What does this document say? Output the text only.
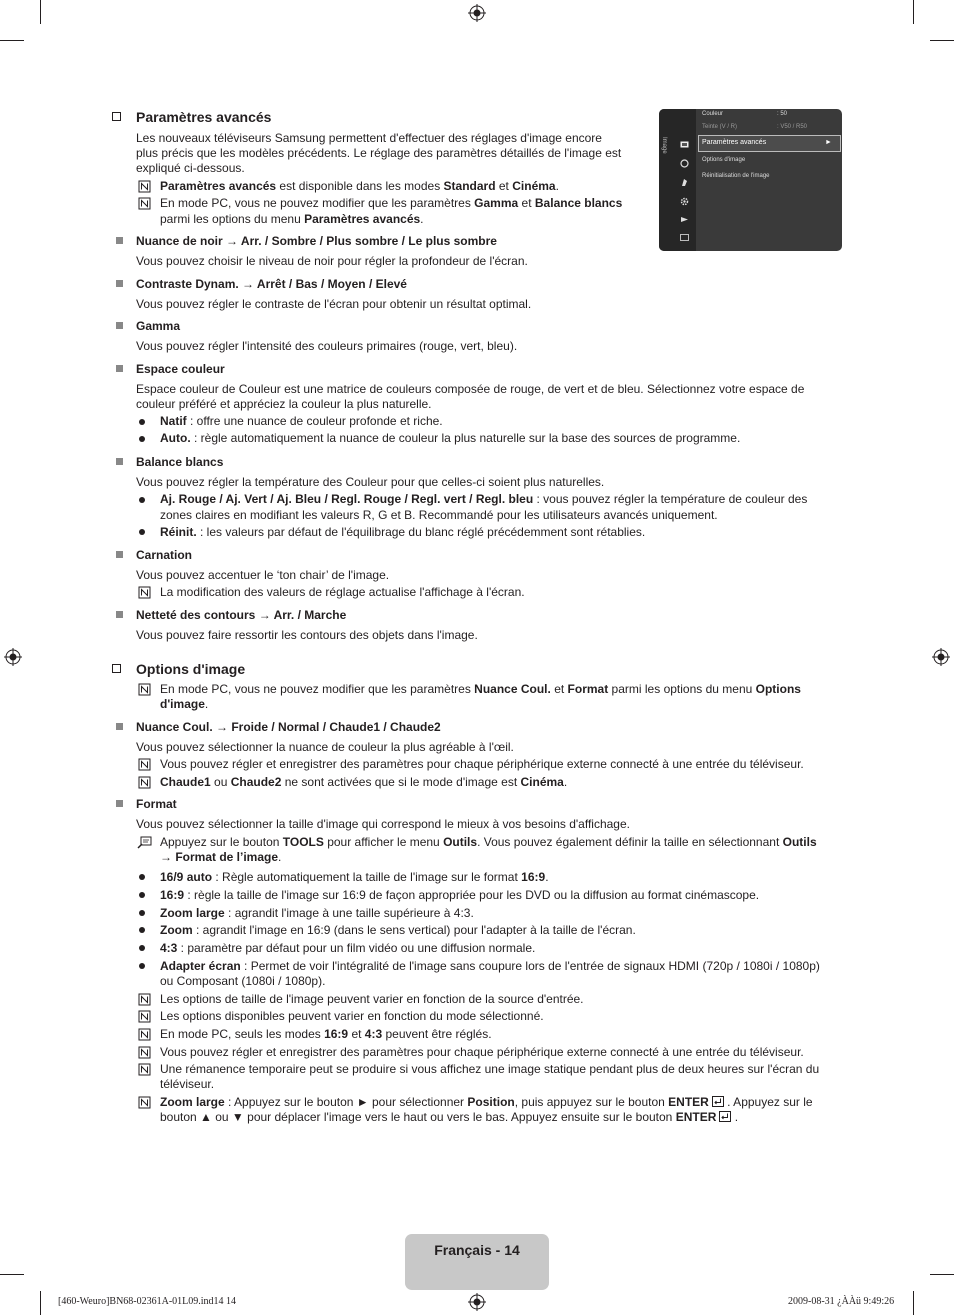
Image
Couleur	: 50
Teinte (V / R)	: V50 / R50
Paramètres avancés	►
Options d'image
Réinitialisation de l'image
Paramètres avancés
Les nouveaux téléviseurs Samsung permettent d'effectuer des réglages d'image encore
plus précis que les modèles précédents. Le réglage des paramètres détaillés de l'image est
expliqué ci-dessous.
Paramètres avancés est disponible dans les modes Standard et Cinéma.
En mode PC, vous ne pouvez modifier que les paramètres Gamma et Balance blancs
parmi les options du menu Paramètres avancés.
Nuance de noir → Arr. / Sombre / Plus sombre / Le plus sombre
Vous pouvez choisir le niveau de noir pour régler la profondeur de l'écran.
Contraste Dynam. → Arrêt / Bas / Moyen / Elevé
Vous pouvez régler le contraste de l'écran pour obtenir un résultat optimal.
Gamma
Vous pouvez régler l'intensité des couleurs primaires (rouge, vert, bleu).
Espace couleur
Espace couleur de Couleur est une matrice de couleurs composée de rouge, de vert et de bleu. Sélectionnez votre espace de
couleur préféré et appréciez la couleur la plus naturelle.
Natif : offre une nuance de couleur profonde et riche.
Auto. : règle automatiquement la nuance de couleur la plus naturelle sur la base des sources de programme.
Balance blancs
Vous pouvez régler la température des Couleur pour que celles-ci soient plus naturelles.
Aj. Rouge / Aj. Vert / Aj. Bleu / Regl. Rouge / Regl. vert / Regl. bleu : vous pouvez régler la température de couleur des
zones claires en modifiant les valeurs R, G et B. Recommandé pour les utilisateurs avancés uniquement.
Réinit. : les valeurs par défaut de l'équilibrage du blanc réglé précédemment sont rétablies.
Carnation
Vous pouvez accentuer le ‘ton chair’ de l'image.
La modification des valeurs de réglage actualise l'affichage à l'écran.
Netteté des contours → Arr. / Marche
Vous pouvez faire ressortir les contours des objets dans l'image.
Options d'image
En mode PC, vous ne pouvez modifier que les paramètres Nuance Coul. et Format parmi les options du menu Options
d'image.
Nuance Coul. → Froide / Normal / Chaude1 / Chaude2
Vous pouvez sélectionner la nuance de couleur la plus agréable à l'œil.
Vous pouvez régler et enregistrer des paramètres pour chaque périphérique externe connecté à une entrée du téléviseur.
Chaude1 ou Chaude2 ne sont activées que si le mode d'image est Cinéma.
Format
Vous pouvez sélectionner la taille d'image qui correspond le mieux à vos besoins d'affichage.
Appuyez sur le bouton TOOLS pour afficher le menu Outils. Vous pouvez également définir la taille en sélectionnant Outils
→ Format de l’image.
16/9 auto : Règle automatiquement la taille de l'image sur le format 16:9.
16:9 : règle la taille de l'image sur 16:9 de façon appropriée pour les DVD ou la diffusion au format cinémascope.
Zoom large : agrandit l'image à une taille supérieure à 4:3.
Zoom : agrandit l'image en 16:9 (dans le sens vertical) pour l'adapter à la taille de l'écran.
4:3 : paramètre par défaut pour un film vidéo ou une diffusion normale.
Adapter écran : Permet de voir l'intégralité de l'image sans coupure lors de l'entrée de signaux HDMI (720p / 1080i / 1080p)
ou Composant (1080i / 1080p).
Les options de taille de l'image peuvent varier en fonction de la source d'entrée.
Les options disponibles peuvent varier en fonction du mode sélectionné.
En mode PC, seuls les modes 16:9 et 4:3 peuvent être réglés.
Vous pouvez régler et enregistrer des paramètres pour chaque périphérique externe connecté à une entrée du téléviseur.
Une rémanence temporaire peut se produire si vous affichez une image statique pendant plus de deux heures sur l'écran du
téléviseur.
Zoom large : Appuyez sur le bouton ► pour sélectionner Position, puis appuyez sur le bouton ENTER . Appuyez sur le
bouton ▲ ou ▼ pour déplacer l'image vers le haut ou vers le bas. Appuyez ensuite sur le bouton ENTER .
Français - 14
[460-Weuro]BN68-02361A-01L09.ind14 14	2009-08-31 ¿ÀÀü 9:49:26
